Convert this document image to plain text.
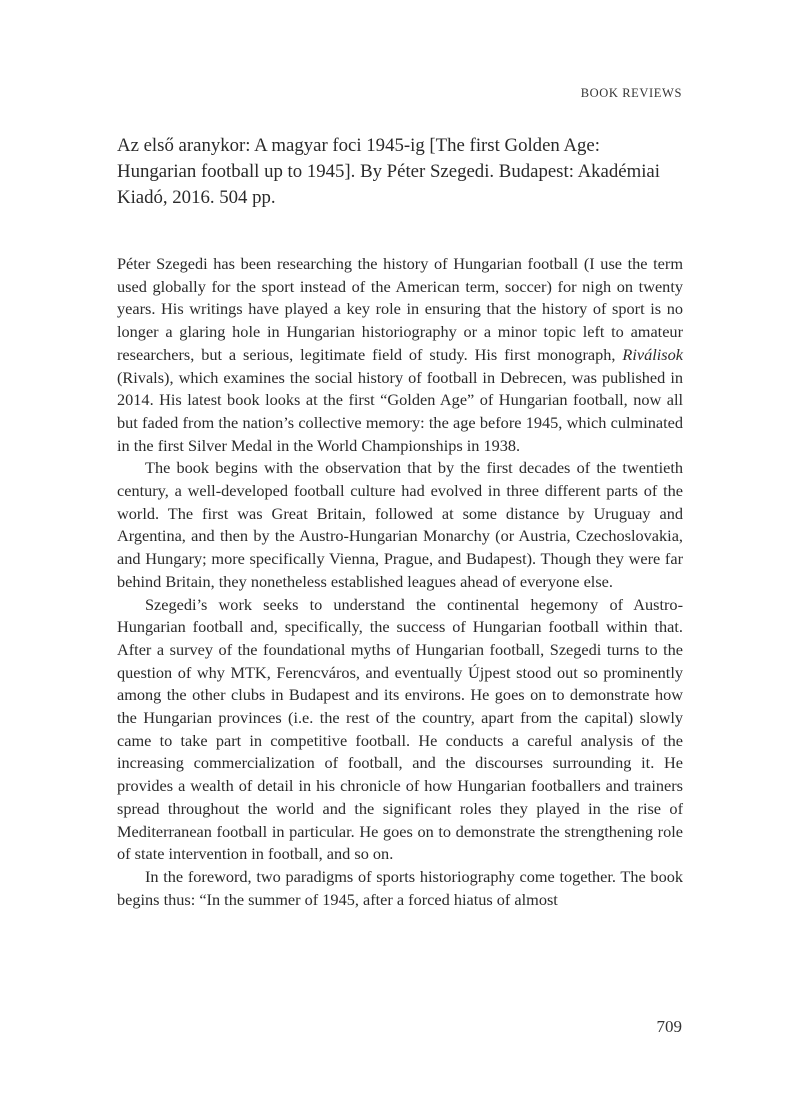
BOOK REVIEWS
Az első aranykor: A magyar foci 1945-ig [The first Golden Age: Hungarian football up to 1945]. By Péter Szegedi. Budapest: Akadémiai Kiadó, 2016. 504 pp.

Péter Szegedi has been researching the history of Hungarian football (I use the term used globally for the sport instead of the American term, soccer) for nigh on twenty years. His writings have played a key role in ensuring that the history of sport is no longer a glaring hole in Hungarian historiography or a minor topic left to amateur researchers, but a serious, legitimate field of study. His first monograph, Riválisok (Rivals), which examines the social history of football in Debrecen, was published in 2014. His latest book looks at the first “Golden Age” of Hungarian football, now all but faded from the nation’s collective memory: the age before 1945, which culminated in the first Silver Medal in the World Championships in 1938.

The book begins with the observation that by the first decades of the twentieth century, a well-developed football culture had evolved in three different parts of the world. The first was Great Britain, followed at some distance by Uruguay and Argentina, and then by the Austro-Hungarian Monarchy (or Austria, Czechoslovakia, and Hungary; more specifically Vienna, Prague, and Budapest). Though they were far behind Britain, they nonetheless established leagues ahead of everyone else.

Szegedi’s work seeks to understand the continental hegemony of Austro-Hungarian football and, specifically, the success of Hungarian football within that. After a survey of the foundational myths of Hungarian football, Szegedi turns to the question of why MTK, Ferencváros, and eventually Újpest stood out so prominently among the other clubs in Budapest and its environs. He goes on to demonstrate how the Hungarian provinces (i.e. the rest of the country, apart from the capital) slowly came to take part in competitive football. He conducts a careful analysis of the increasing commercialization of football, and the discourses surrounding it. He provides a wealth of detail in his chronicle of how Hungarian footballers and trainers spread throughout the world and the significant roles they played in the rise of Mediterranean football in particular. He goes on to demonstrate the strengthening role of state intervention in football, and so on.

In the foreword, two paradigms of sports historiography come together. The book begins thus: “In the summer of 1945, after a forced hiatus of almost

709
